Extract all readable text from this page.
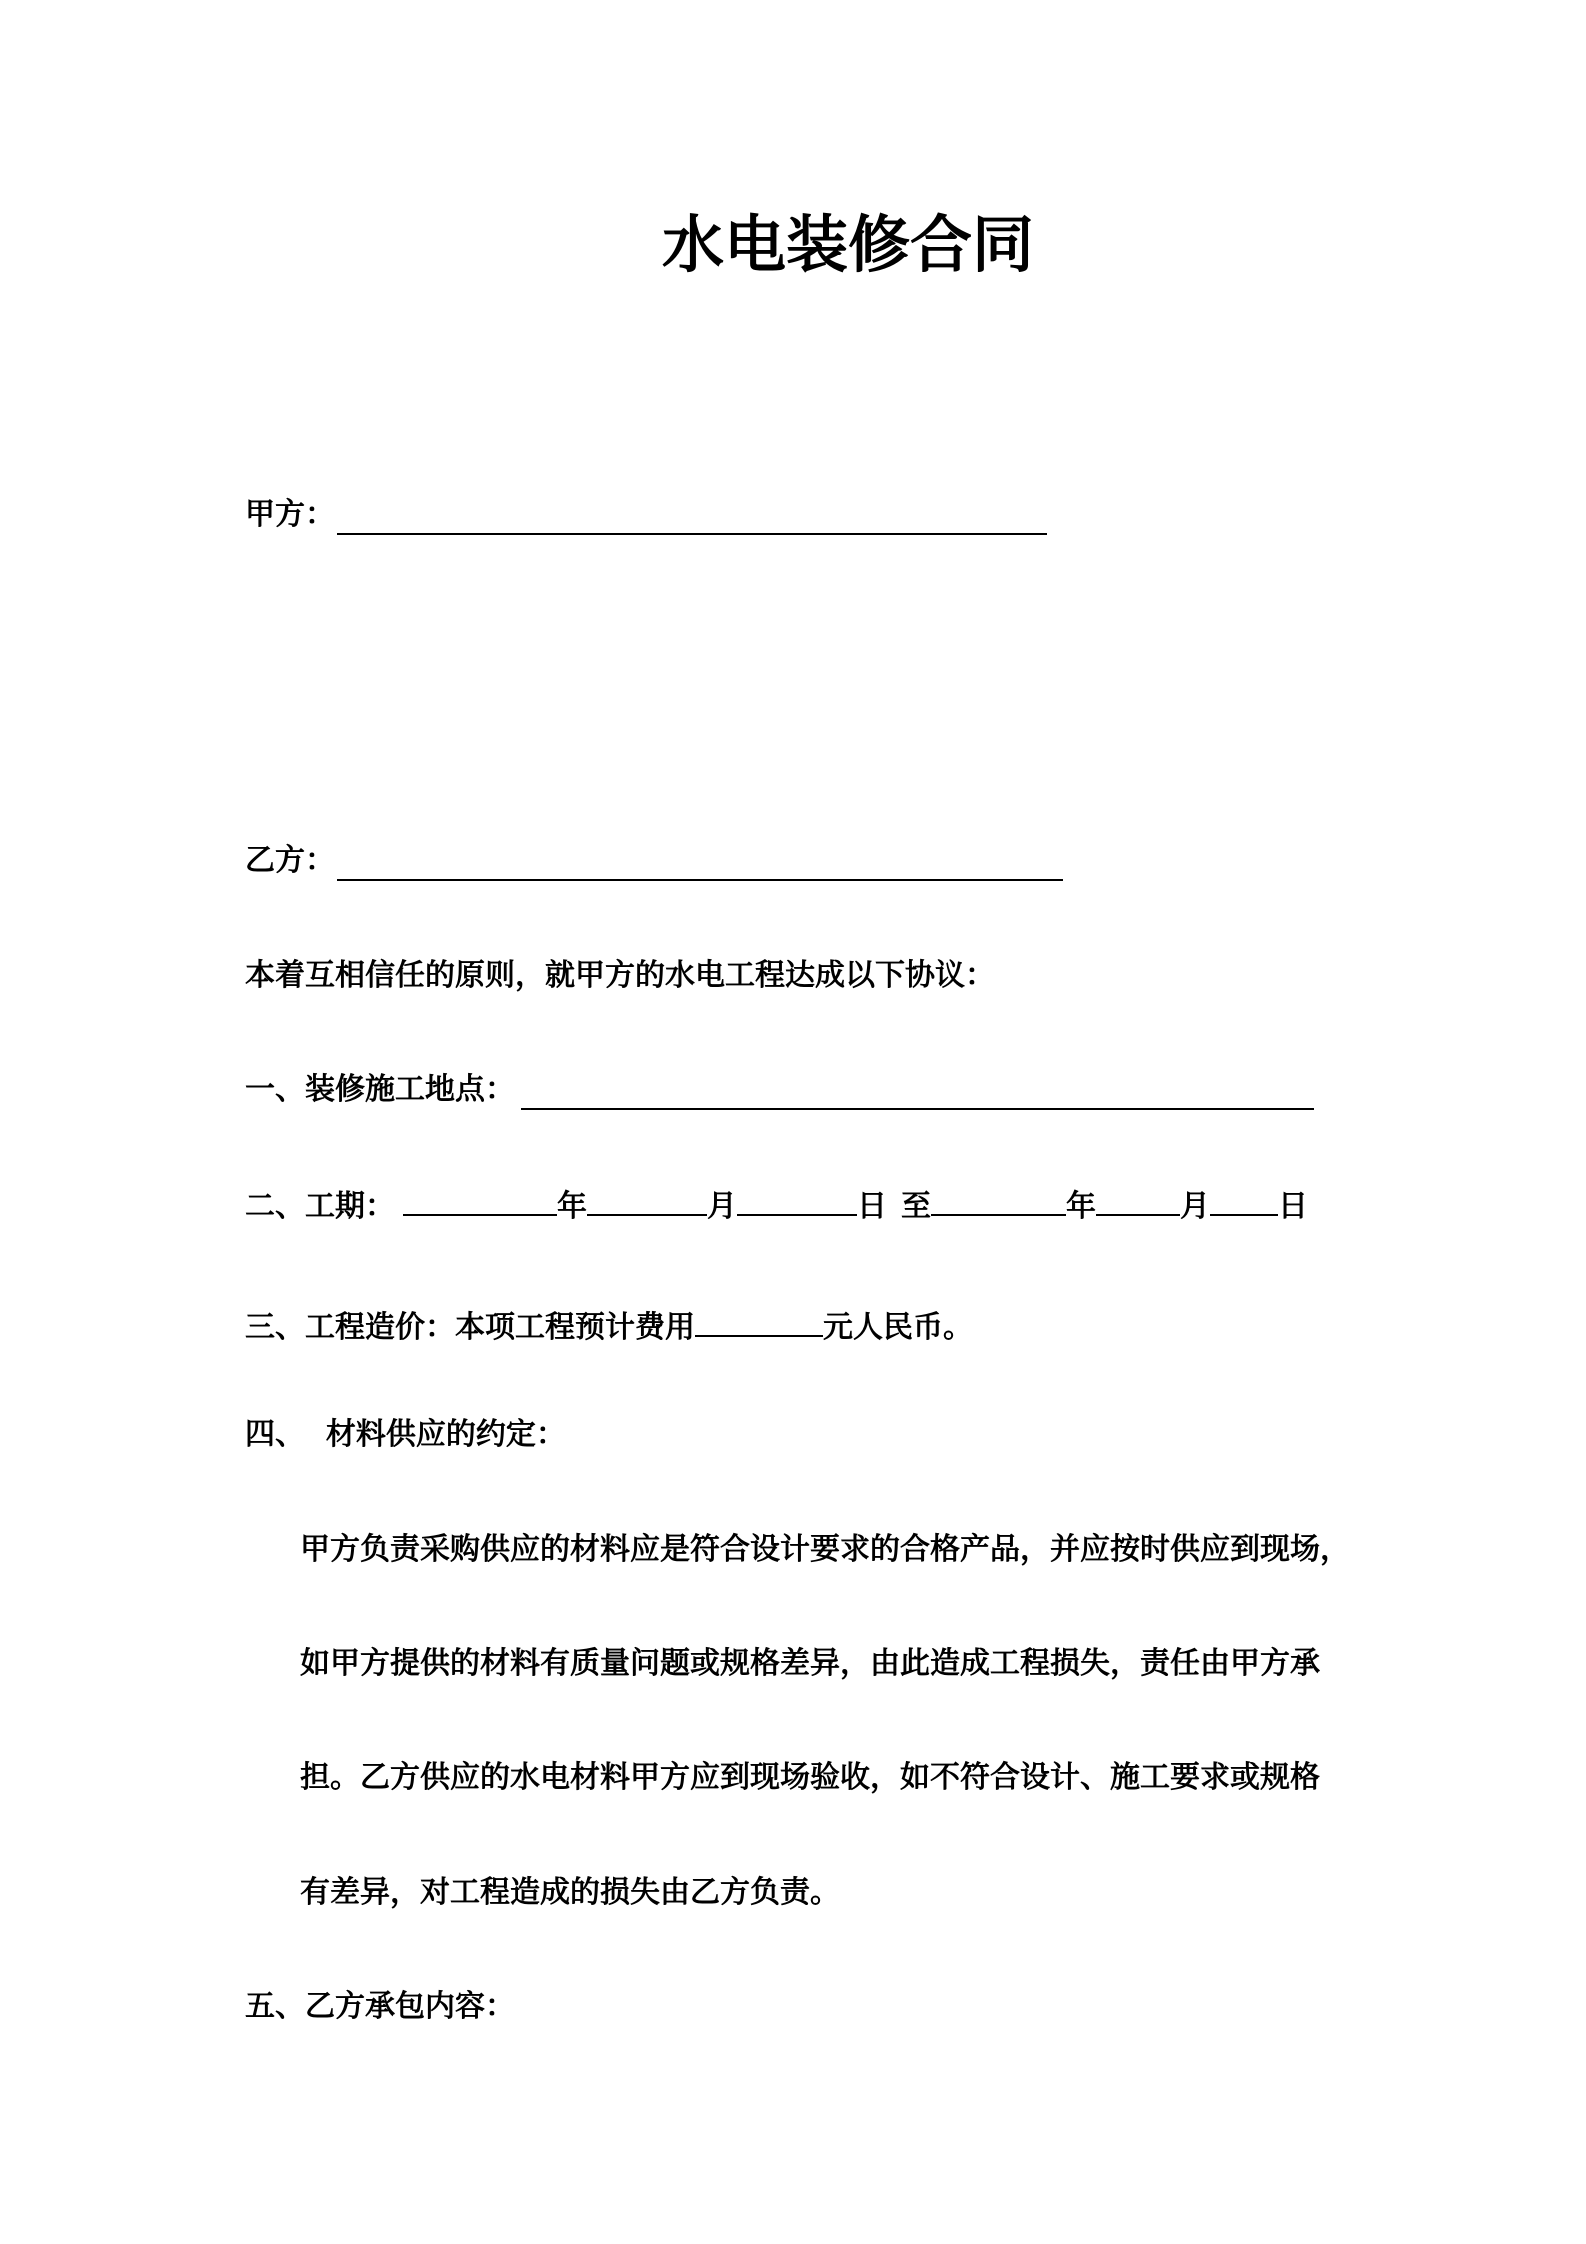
水电装修合同
甲方：
乙方：
本着互相信任的原则，就甲方的水电工程达成以下协议：
一、装修施工地点：
二、工期：	年	月	日 至	年	月 日
三、工程造价：本项工程预计费用	元人民币。
四、  材料供应的约定：
甲方负责采购供应的材料应是符合设计要求的合格产品，并应按时供应到现场，
如甲方提供的材料有质量问题或规格差异，由此造成工程损失，责任由甲方承
担。乙方供应的水电材料甲方应到现场验收，如不符合设计、施工要求或规格
有差异，对工程造成的损失由乙方负责。
五、乙方承包内容：
